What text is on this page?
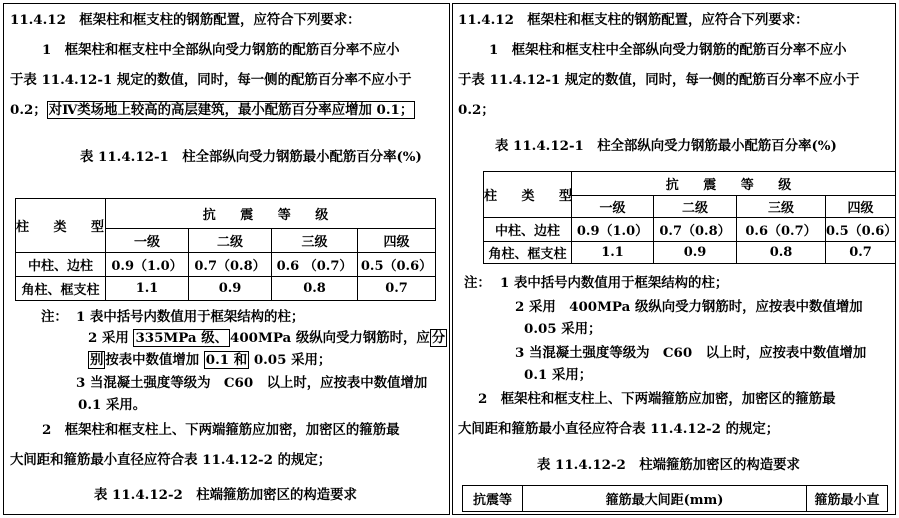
11.4.12　框架柱和框支柱的钢筋配置，应符合下列要求：
1　框架柱和框支柱中全部纵向受力钢筋的配筋百分率不应小
于表 11.4.12-1 规定的数值，同时，每一侧的配筋百分率不应小于
0.2； 对Ⅳ类场地上较高的高层建筑，最小配筋百分率应增加 0.1；
表 11.4.12-1　柱全部纵向受力钢筋最小配筋百分率(%)
柱 类 型	抗 震 等 级			
	一级	二级	三级	四级
中柱、边柱	0.9（1.0）	0.7（0.8）	0.6 （0.7）	0.5（0.6）
角柱、框支柱	1.1	0.9	0.8	0.7
注： 1 表中括号内数值用于框架结构的柱；
2 采用 335MPa 级、 400MPa 级纵向受力钢筋时，应 分
别 按表中数值增加 0.1 和 0.05 采用；
3 当混凝土强度等级为　C60　以上时，应按表中数值增加
0.1 采用。
2　框架柱和框支柱上、下两端箍筋应加密，加密区的箍筋最
大间距和箍筋最小直径应符合表 11.4.12-2 的规定；
表 11.4.12-2　柱端箍筋加密区的构造要求
11.4.12　框架柱和框支柱的钢筋配置，应符合下列要求：
1　框架柱和框支柱中全部纵向受力钢筋的配筋百分率不应小
于表 11.4.12-1 规定的数值，同时，每一侧的配筋百分率不应小于
0.2；
表 11.4.12-1　柱全部纵向受力钢筋最小配筋百分率(%)
柱 类 型	抗 震 等 级			
	一级	二级	三级	四级
中柱、边柱	0.9（1.0）	0.7（0.8）	0.6（0.7）	0.5（0.6）
角柱、框支柱	1.1	0.9	0.8	0.7
注： 1 表中括号内数值用于框架结构的柱；
2 采用　400MPa 级纵向受力钢筋时，应按表中数值增加
0.05 采用；
3 当混凝土强度等级为　C60　以上时，应按表中数值增加
0.1 采用；
2　框架柱和框支柱上、下两端箍筋应加密，加密区的箍筋最
大间距和箍筋最小直径应符合表 11.4.12-2 的规定；
表 11.4.12-2　柱端箍筋加密区的构造要求
抗震等	箍筋最大间距(mm)	箍筋最小直
